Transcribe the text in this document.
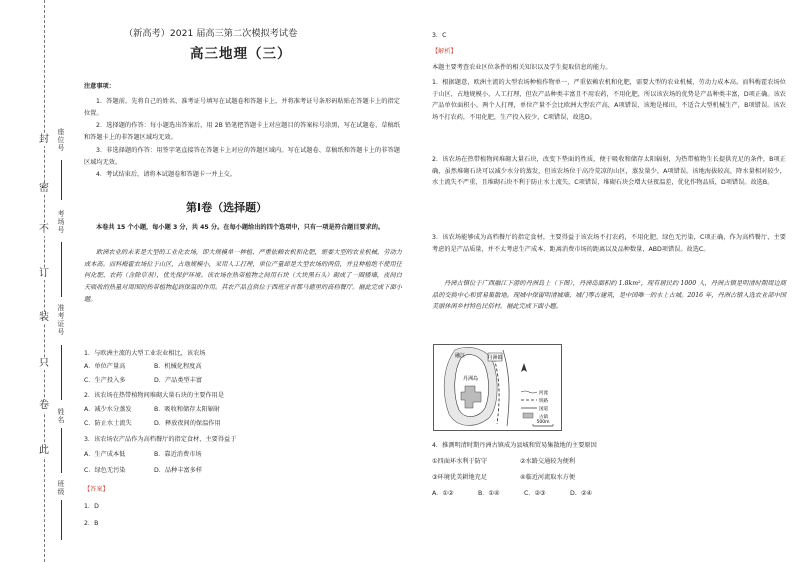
封
密
不
订
装
只
卷
此
座位号
考场号
准考证号
姓名
班级
（新高考）2021 届高三第二次模拟考试卷
高三地理（三）
注意事项：
1．答题前，先将自己的姓名、准考证号填写在试题卷和答题卡上，并将准考证号条形码粘贴在答题卡上的指定位置。
2．选择题的作答：每小题选出答案后，用 2B 铅笔把答题卡上对应题目的答案标号涂黑，写在试题卷、草稿纸和答题卡上的非答题区域均无效。
3．非选择题的作答：用签字笔直接答在答题卡上对应的答题区域内。写在试题卷、草稿纸和答题卡上的非答题区域均无效。
4．考试结束后，请将本试题卷和答题卡一并上交。
第Ⅰ卷（选择题）
本卷共 15 个小题，每小题 3 分，共 45 分。在每小题给出的四个选项中，只有一项是符合题目要求的。
欧洲农业的未来是大型的工业化农场，即大规模单一种植、严重依赖农机和化肥，需要大型的农业机械，劳动力成本高。而科梅霍农场位于山区，占地规模小，采用人工打理，单位产量却是大型农场的两倍，并且种植绝不使用任何化肥、农药（含除草剂），优先保护环境。该农场在热带植物之间用石块（大块黑石头）砌成了一圈矮墙，夜间白天吸收的热量对周围的热带植物起到保温的作用。其农产品直供位于西班牙首都马德里的高档餐厅。据此完成下面小题。
1．与欧洲主流的大型工业农业相比，该农场
A．单位产量高	B．机械化程度高
C．生产投入多	D．产品类型丰富
2．该农场在热带植物间堆砌大量石块的主要作用是
A．减少水分蒸发	B．吸收和储存太阳辐射
C．防止水土流失	D．释放夜间的保温作用
3．该农场农产品作为高档餐厅的指定食材，主要得益于
A．生产成本低	B．靠近消费市场
C．绿色无污染	D．品种丰富多样
【答案】
1．D
2．B
3．C
【解析】
本题主要考查农业区位条件的相关知识以及学生提取信息的能力。
1．根据题意，欧洲主流的大型农场种植作物单一，严重依赖农机和化肥，需要大型的农业机械，劳动力成本高。而科梅霍农场位于山区，占地规模小，人工打理，但农产品种类丰富且不用农药，不用化肥，所以该农场的优势是产品种类丰富，D项正确。该农产品单位面积小，两个人打理，单位产量不会比欧洲大型农产高，A项错误，该地是梯田，不适合大型机械生产，B项错误。该农场不打农药，不用化肥，生产投入较少，C项错误，故选D。
2．该农场在热带植物间堆砌大量石块，改变下垫面的性质，便于吸收和储存太阳辐射，为热带植物生长提供充足的条件，B项正确，虽然堆砌石块可以减少水分的蒸发，但该农场位于高冷荒凉的山区，蒸发量少，A项错误。该地海拔较高，降水量相对较少，水土流失不严重，且堆砌石块不利于防止水土流失，C项错误，堆砌石块会增大昼夜温差，优化作物品质，D项错误。故选B。
3．该农场能够成为高档餐厅的指定食材，主要得益于该农场不打农药，不用化肥，绿色无污染，C项正确，作为高档餐厅，主要考虑的是产品质量，并不太考虑生产成本、距离消费市场的距离以及品种数量，ABD项错误。故选C。
丹洲古镇位于广西融江下游的丹洲岛上（下图），丹洲岛面积约 1.8km²，现有居民约 1000 人，丹洲古镇是明清时期周边商品的交换中心和贸易集散地。现城中保留明清城墙、城门等古建筑，是中国唯一的水上古城。2016 年，丹洲古镇入选农业部中国美丽休闲乡村特色民俗村。据此完成下面小题。
4．推测明清时期丹洲古镇成为县城和贸易集散地的主要原因
①四面环水利于防守	②水路交通较为便利
③环境优美耕地充足	④临近河流取水方便
A．①②	B．①④	C．②③	D．②④
丹洲镇
融江
丹洲岛
河流
铁路
国道
古镇
500m
